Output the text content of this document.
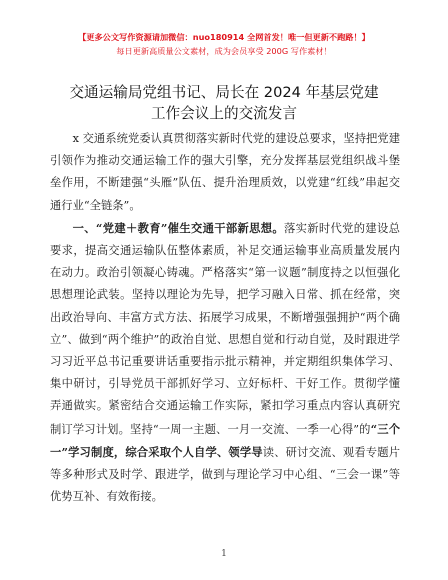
【更多公文写作资源请加微信：nuo180914 全网首发！唯一但更新不跑路！】
每日更新高质量公文素材，成为会员享受 200G 写作素材！
交通运输局党组书记、局长在 2024 年基层党建
工作会议上的交流发言

x 交通系统党委认真贯彻落实新时代党的建设总要求，坚持把党建引领作为推动交通运输工作的强大引擎，充分发挥基层党组织战斗堡垒作用，不断建强“头雁”队伍、提升治理质效，以党建“红线”串起交通行业“全链条”。

一、“党建＋教育”催生交通干部新思想。落实新时代党的建设总要求，提高交通运输队伍整体素质，补足交通运输事业高质量发展内在动力。政治引领凝心铸魂。严格落实“第一议题”制度持之以恒强化思想理论武装。坚持以理论为先导，把学习融入日常、抓在经常，突出政治导向、丰富方式方法、拓展学习成果，不断增强强拥护“两个确立”、做到“两个维护”的政治自觉、思想自觉和行动自觉，及时跟进学习习近平总书记重要讲话重要指示批示精神，并定期组织集体学习、集中研讨，引导党员干部抓好学习、立好标杆、干好工作。贯彻学懂弄通做实。紧密结合交通运输工作实际，紧扣学习重点内容认真研究制订学习计划。坚持“一周一主题、一月一交流、一季一心得”的“三个一”学习制度，综合采取个人自学、领学导读、研讨交流、观看专题片等多种形式及时学、跟进学，做到与理论学习中心组、“三会一课”等优势互补、有效衔接。

1
